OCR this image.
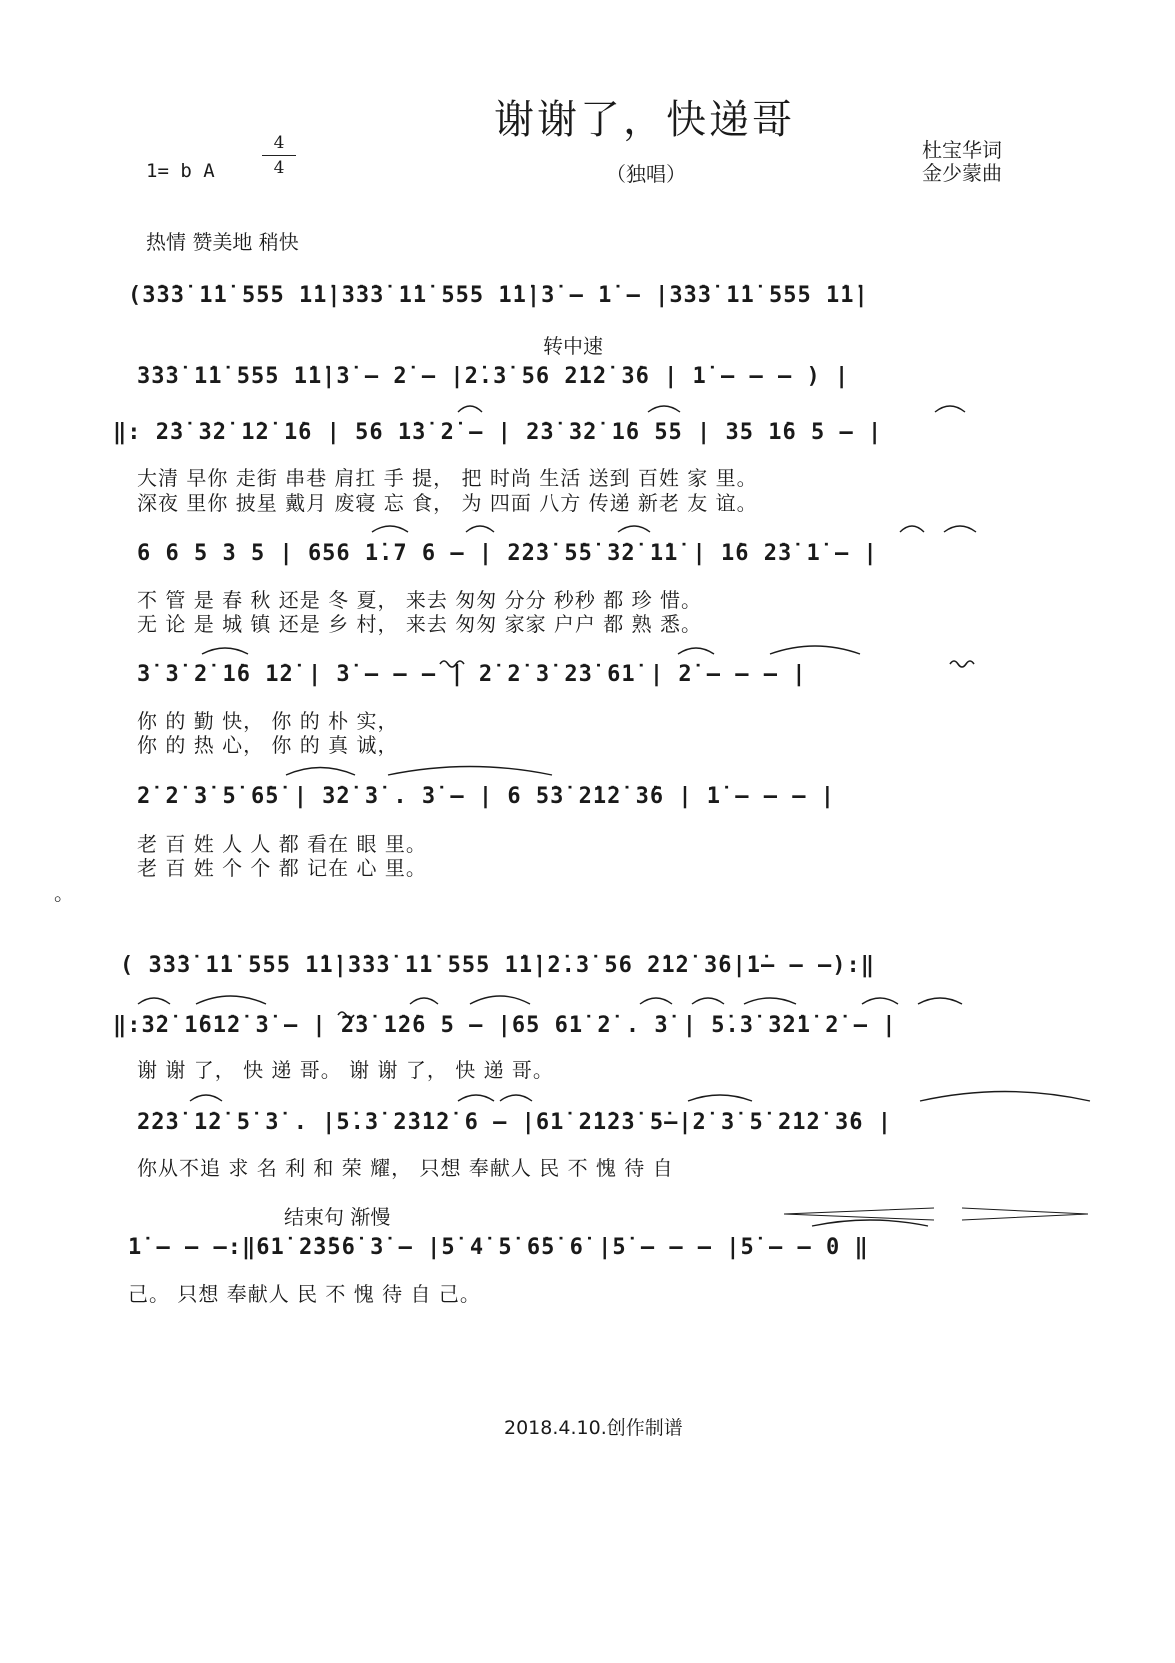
谢谢了，快递哥
（独唱）
杜宝华词
金少蒙曲
1= b A
4
4
热情 赞美地 稍快
(3̇3̇3̇ 1̇1̇ 555 1̇1̇|3̇3̇3̇ 1̇1̇ 555 1̇1̇|3̇ — 1̇ — |3̇3̇3̇ 1̇1̇ 555 1̇1̇|
转中速
3̇3̇3̇ 1̇1̇ 555 1̇1̇|3̇ — 2̇ — |2̇.3̇ 56 2̇1̇2̇ 3̇6 | 1̇ — — — ) |
‖: 2̇3̇ 3̇2̇ 1̇2̇ 1̇6 | 56 1̇3̇ 2̇ — | 2̇3̇ 3̇2̇ 1̇6 55 | 35 1̇6 5 — |
大清 早你 走街 串巷 肩扛 手 提， 把 时尚 生活 送到 百姓 家 里。
深夜 里你 披星 戴月 废寝 忘 食， 为 四面 八方 传递 新老 友 谊。
6 6 5 3 5 | 656 1̇.7 6 — | 2̇2̇3̇ 5̇5̇ 3̇2̇ 1̇1̇ | 1̇6 2̇3̇ 1̇ — |
不 管 是 春 秋 还是 冬 夏， 来去 匆匆 分分 秒秒 都 珍 惜。
无 论 是 城 镇 还是 乡 村， 来去 匆匆 家家 户户 都 熟 悉。
3̇ 3̇ 2̇ 1̇6 1̇2̇ | 3̇ — — — | 2̇ 2̇ 3̇ 2̇3̇ 61̇ | 2̇ — — — |
你 的 勤 快， 你 的 朴 实，
你 的 热 心， 你 的 真 诚，
2̇ 2̇ 3̇ 5̇ 6̇5̇ | 3̇2̇ 3̇ . 3̇ — | 6 5̇3̇ 2̇1̇2̇ 3̇6 | 1̇ — — — |
老 百 姓 人 人 都 看在 眼 里。
老 百 姓 个 个 都 记在 心 里。
。
( 3̇3̇3̇ 1̇1̇ 555 1̇1̇|3̇3̇3̇ 1̇1̇ 555 1̇1̇|2̇.3̇ 56 2̇1̇2̇ 3̇6|1̇— — —):‖
‖:3̇2̇ 1̇61̇2̇ 3̇ — | 2̇3̇ 1̇2̇6 5 — |65 61̇ 2̇ . 3̇ | 5̇.3̇ 3̇2̇1̇ 2̇ — |
谢 谢 了， 快 递 哥。 谢 谢 了， 快 递 哥。
2̇2̇3̇ 1̇2̇ 5̇ 3̇ . |5̇.3̇ 2̇3̇1̇2̇ 6 — |61̇ 2̇1̇2̇3̇ 5̇—|2̇ 3̇ 5̇ 2̇1̇2̇ 3̇6 |
你从不追 求 名 利 和 荣 耀， 只想 奉献人 民 不 愧 待 自
结束句 渐慢
1̇ — — —:‖61̇ 2̇3̇5̇6̇ 3̇ — |5̇ 4̇ 5̇ 6̇5̇ 6̇ |5̇ — — — |5̇ — — 0 ‖
己。 只想 奉献人 民 不 愧 待 自 己。
2018.4.10.创作制谱
